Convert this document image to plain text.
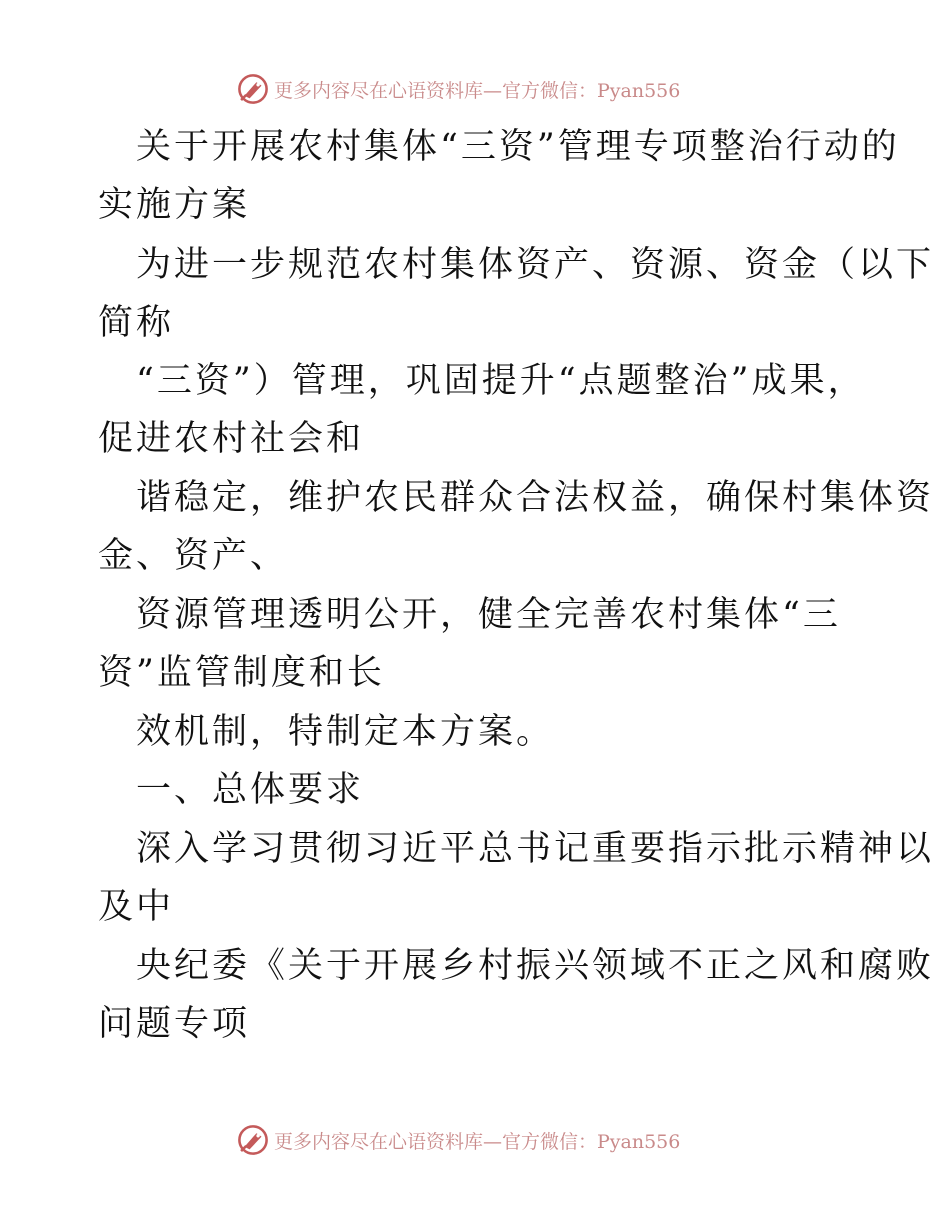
更多内容尽在心语资料库—官方微信：Pyan556
关于开展农村集体“三资”管理专项整治行动的
实施方案
为进一步规范农村集体资产、资源、资金（以下
简称
“三资”）管理，巩固提升“点题整治”成果，
促进农村社会和
谐稳定，维护农民群众合法权益，确保村集体资
金、资产、
资源管理透明公开，健全完善农村集体“三
资”监管制度和长
效机制，特制定本方案。
一、总体要求
深入学习贯彻习近平总书记重要指示批示精神以
及中
央纪委《关于开展乡村振兴领域不正之风和腐败
问题专项
更多内容尽在心语资料库—官方微信：Pyan556
